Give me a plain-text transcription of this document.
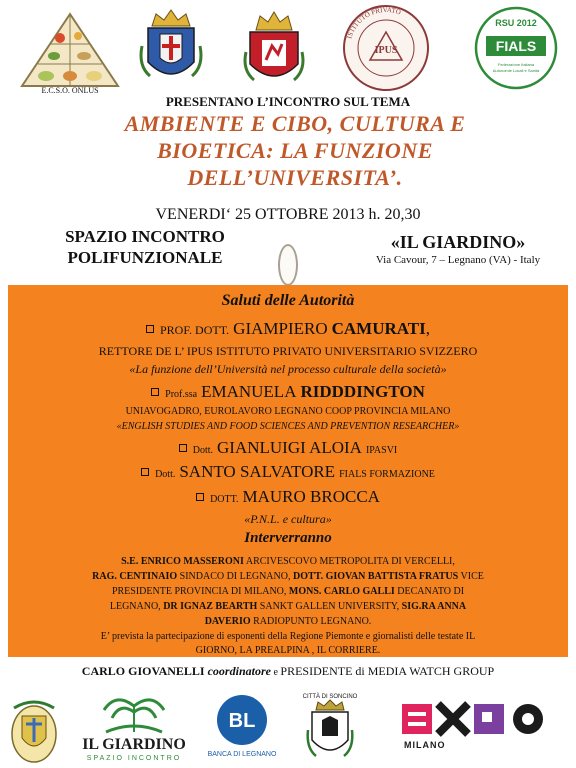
E.C.S.O. ONLUS
IPUS
ISTITUTO PRIVATO
RSU 2012
FIALS
Federazione Italiana
Autonomie Locali e Sanità
PRESENTANO L’INCONTRO SUL TEMA
AMBIENTE E CIBO, CULTURA E
BIOETICA: LA FUNZIONE
DELL’UNIVERSITA’.
VENERDI‘ 25 OTTOBRE 2013 h. 20,30
SPAZIO INCONTRO
POLIFUNZIONALE
«IL GIARDINO»
Via Cavour, 7 – Legnano (VA) - Italy
Saluti delle Autorità
PROF. DOTT. GIAMPIERO CAMURATI,
RETTORE DE L’ IPUS ISTITUTO PRIVATO UNIVERSITARIO SVIZZERO
«La funzione dell’Università nel processo culturale della società»
Prof.ssa EMANUELA RIDDDINGTON
UNIAVOGADRO, EUROLAVORO LEGNANO COOP PROVINCIA MILANO
«ENGLISH STUDIES AND FOOD SCIENCES AND PREVENTION RESEARCHER»
Dott. GIANLUIGI ALOIA IPASVI
Dott. SANTO SALVATORE FIALS FORMAZIONE
DOTT. MAURO BROCCA
«P.N.L. e cultura»
Interverranno
S.E. ENRICO MASSERONI ARCIVESCOVO METROPOLITA DI VERCELLI,
RAG. CENTINAIO SINDACO DI LEGNANO, DOTT. GIOVAN BATTISTA FRATUS VICE
PRESIDENTE PROVINCIA DI MILANO, MONS. CARLO GALLI DECANATO DI
LEGNANO, DR IGNAZ BEARTH SANKT GALLEN UNIVERSITY, SIG.RA ANNA
DAVERIO RADIOPUNTO LEGNANO.
E’ prevista la partecipazione di esponenti della Regione Piemonte e giornalisti delle testate IL
GIORNO, LA PREALPINA , IL CORRIERE.
CARLO GIOVANELLI coordinatore e PRESIDENTE di MEDIA WATCH GROUP
IL GIARDINO
SPAZIO INCONTRO
BL
BANCA DI LEGNANO
CITTÀ DI SONCINO
MILANO	EXPO
